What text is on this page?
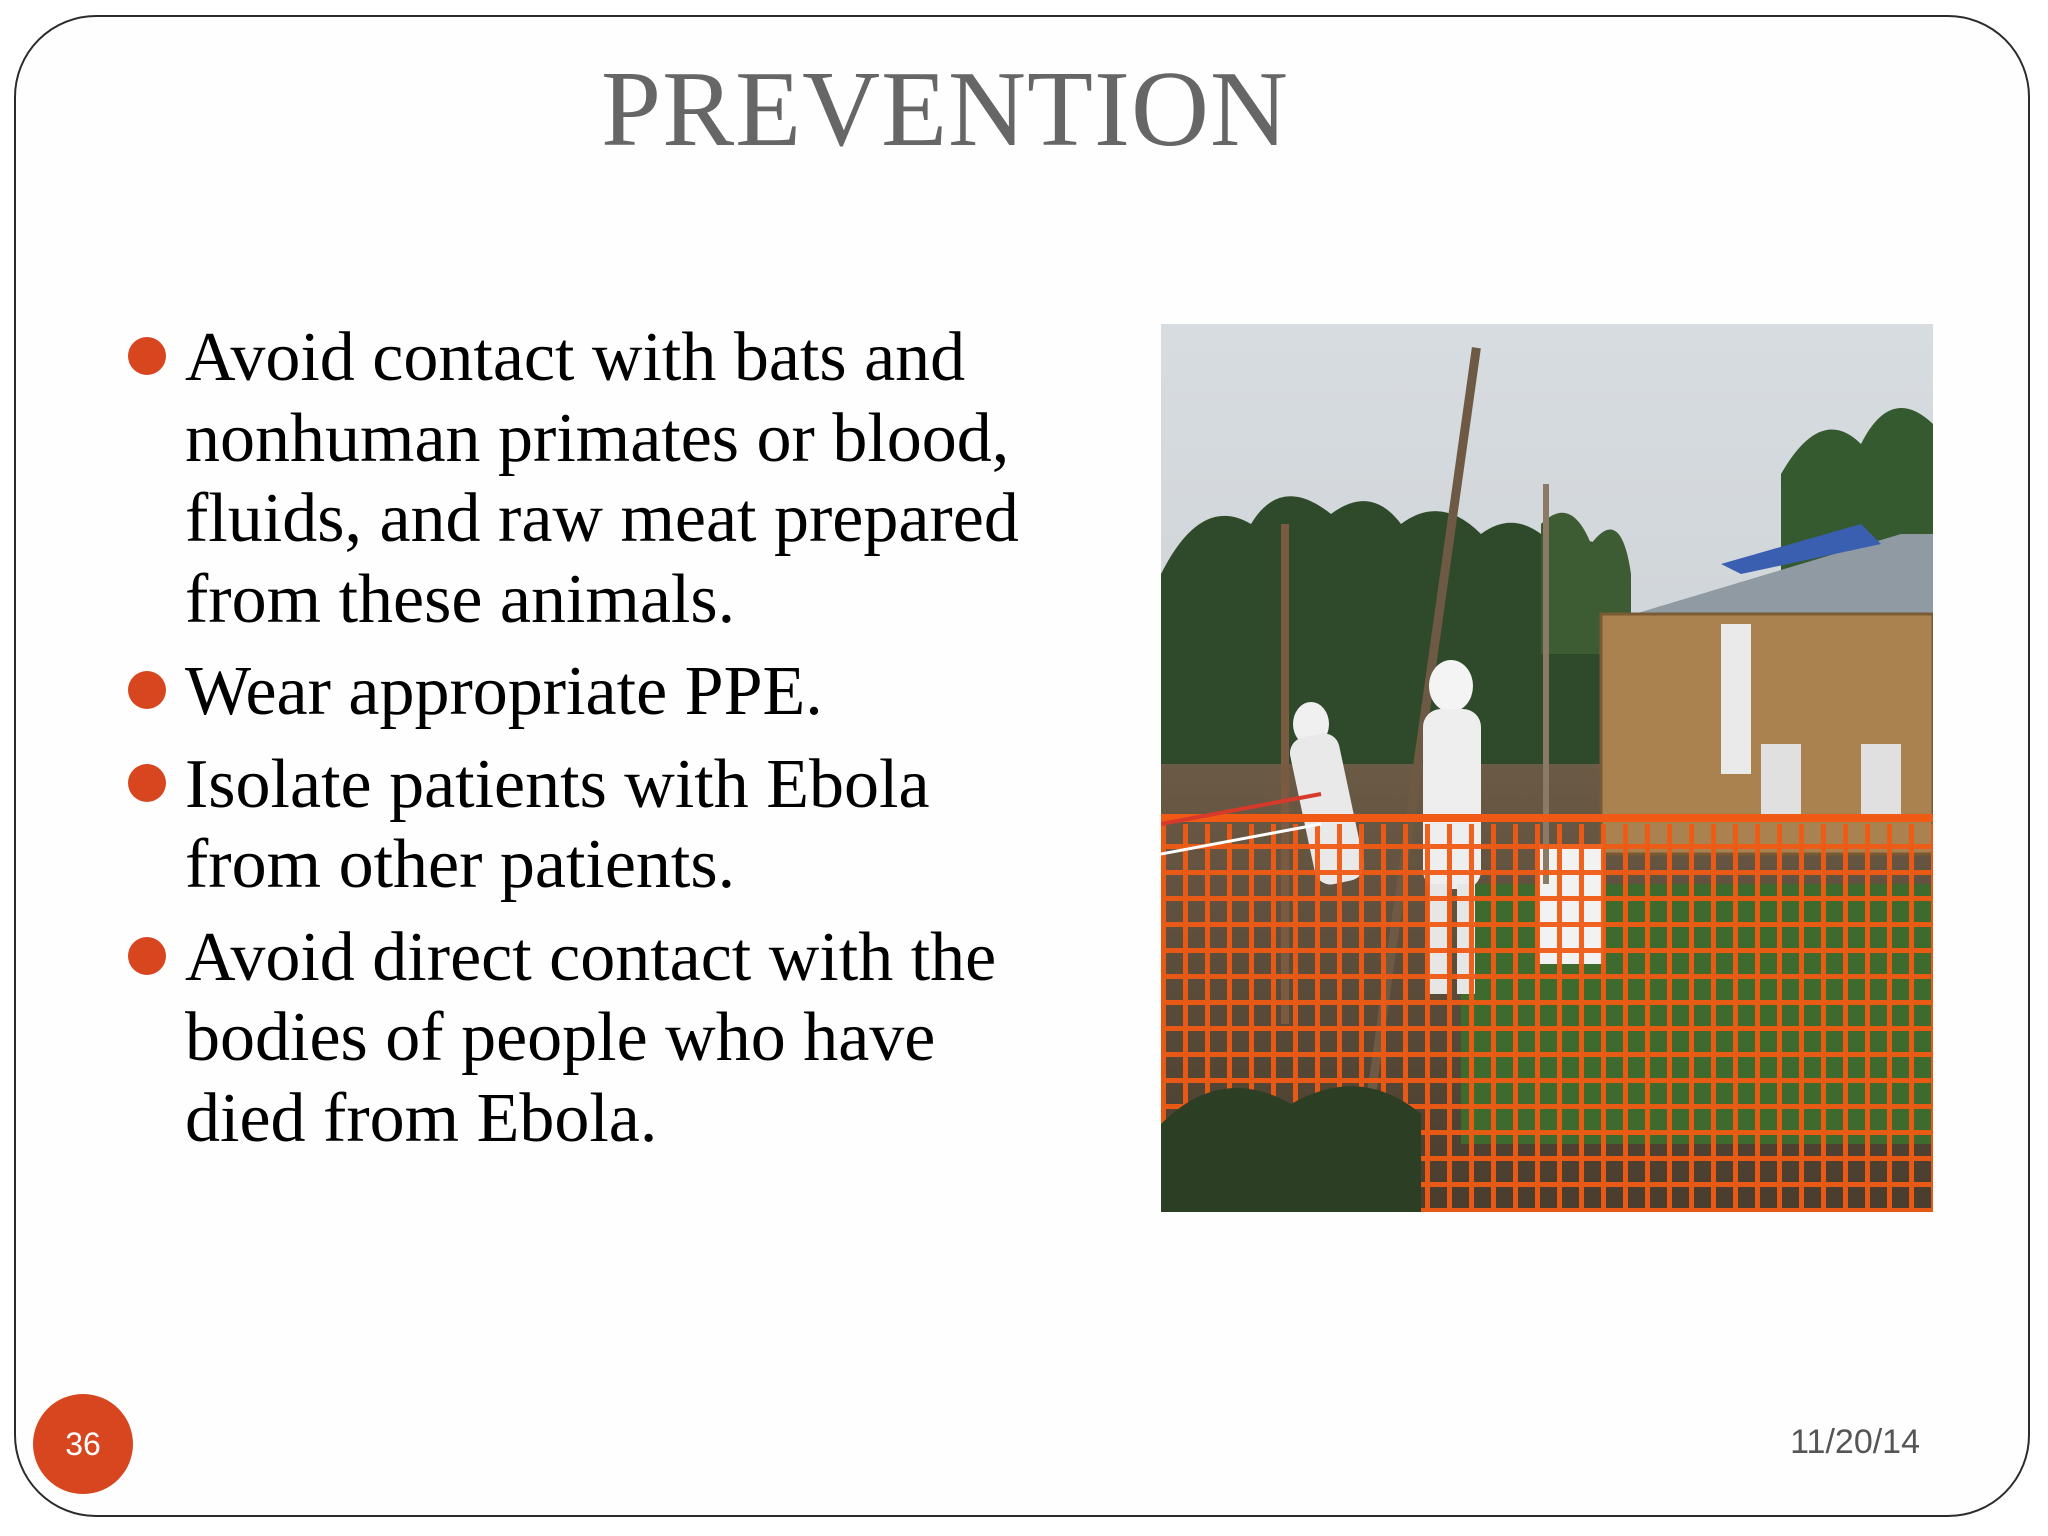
PREVENTION
Avoid contact with bats and nonhuman primates or blood, fluids, and raw meat prepared from these animals.
Wear appropriate PPE.
Isolate patients with Ebola from other patients.
Avoid direct contact with the bodies of people who have died from Ebola.
36	11/20/14
